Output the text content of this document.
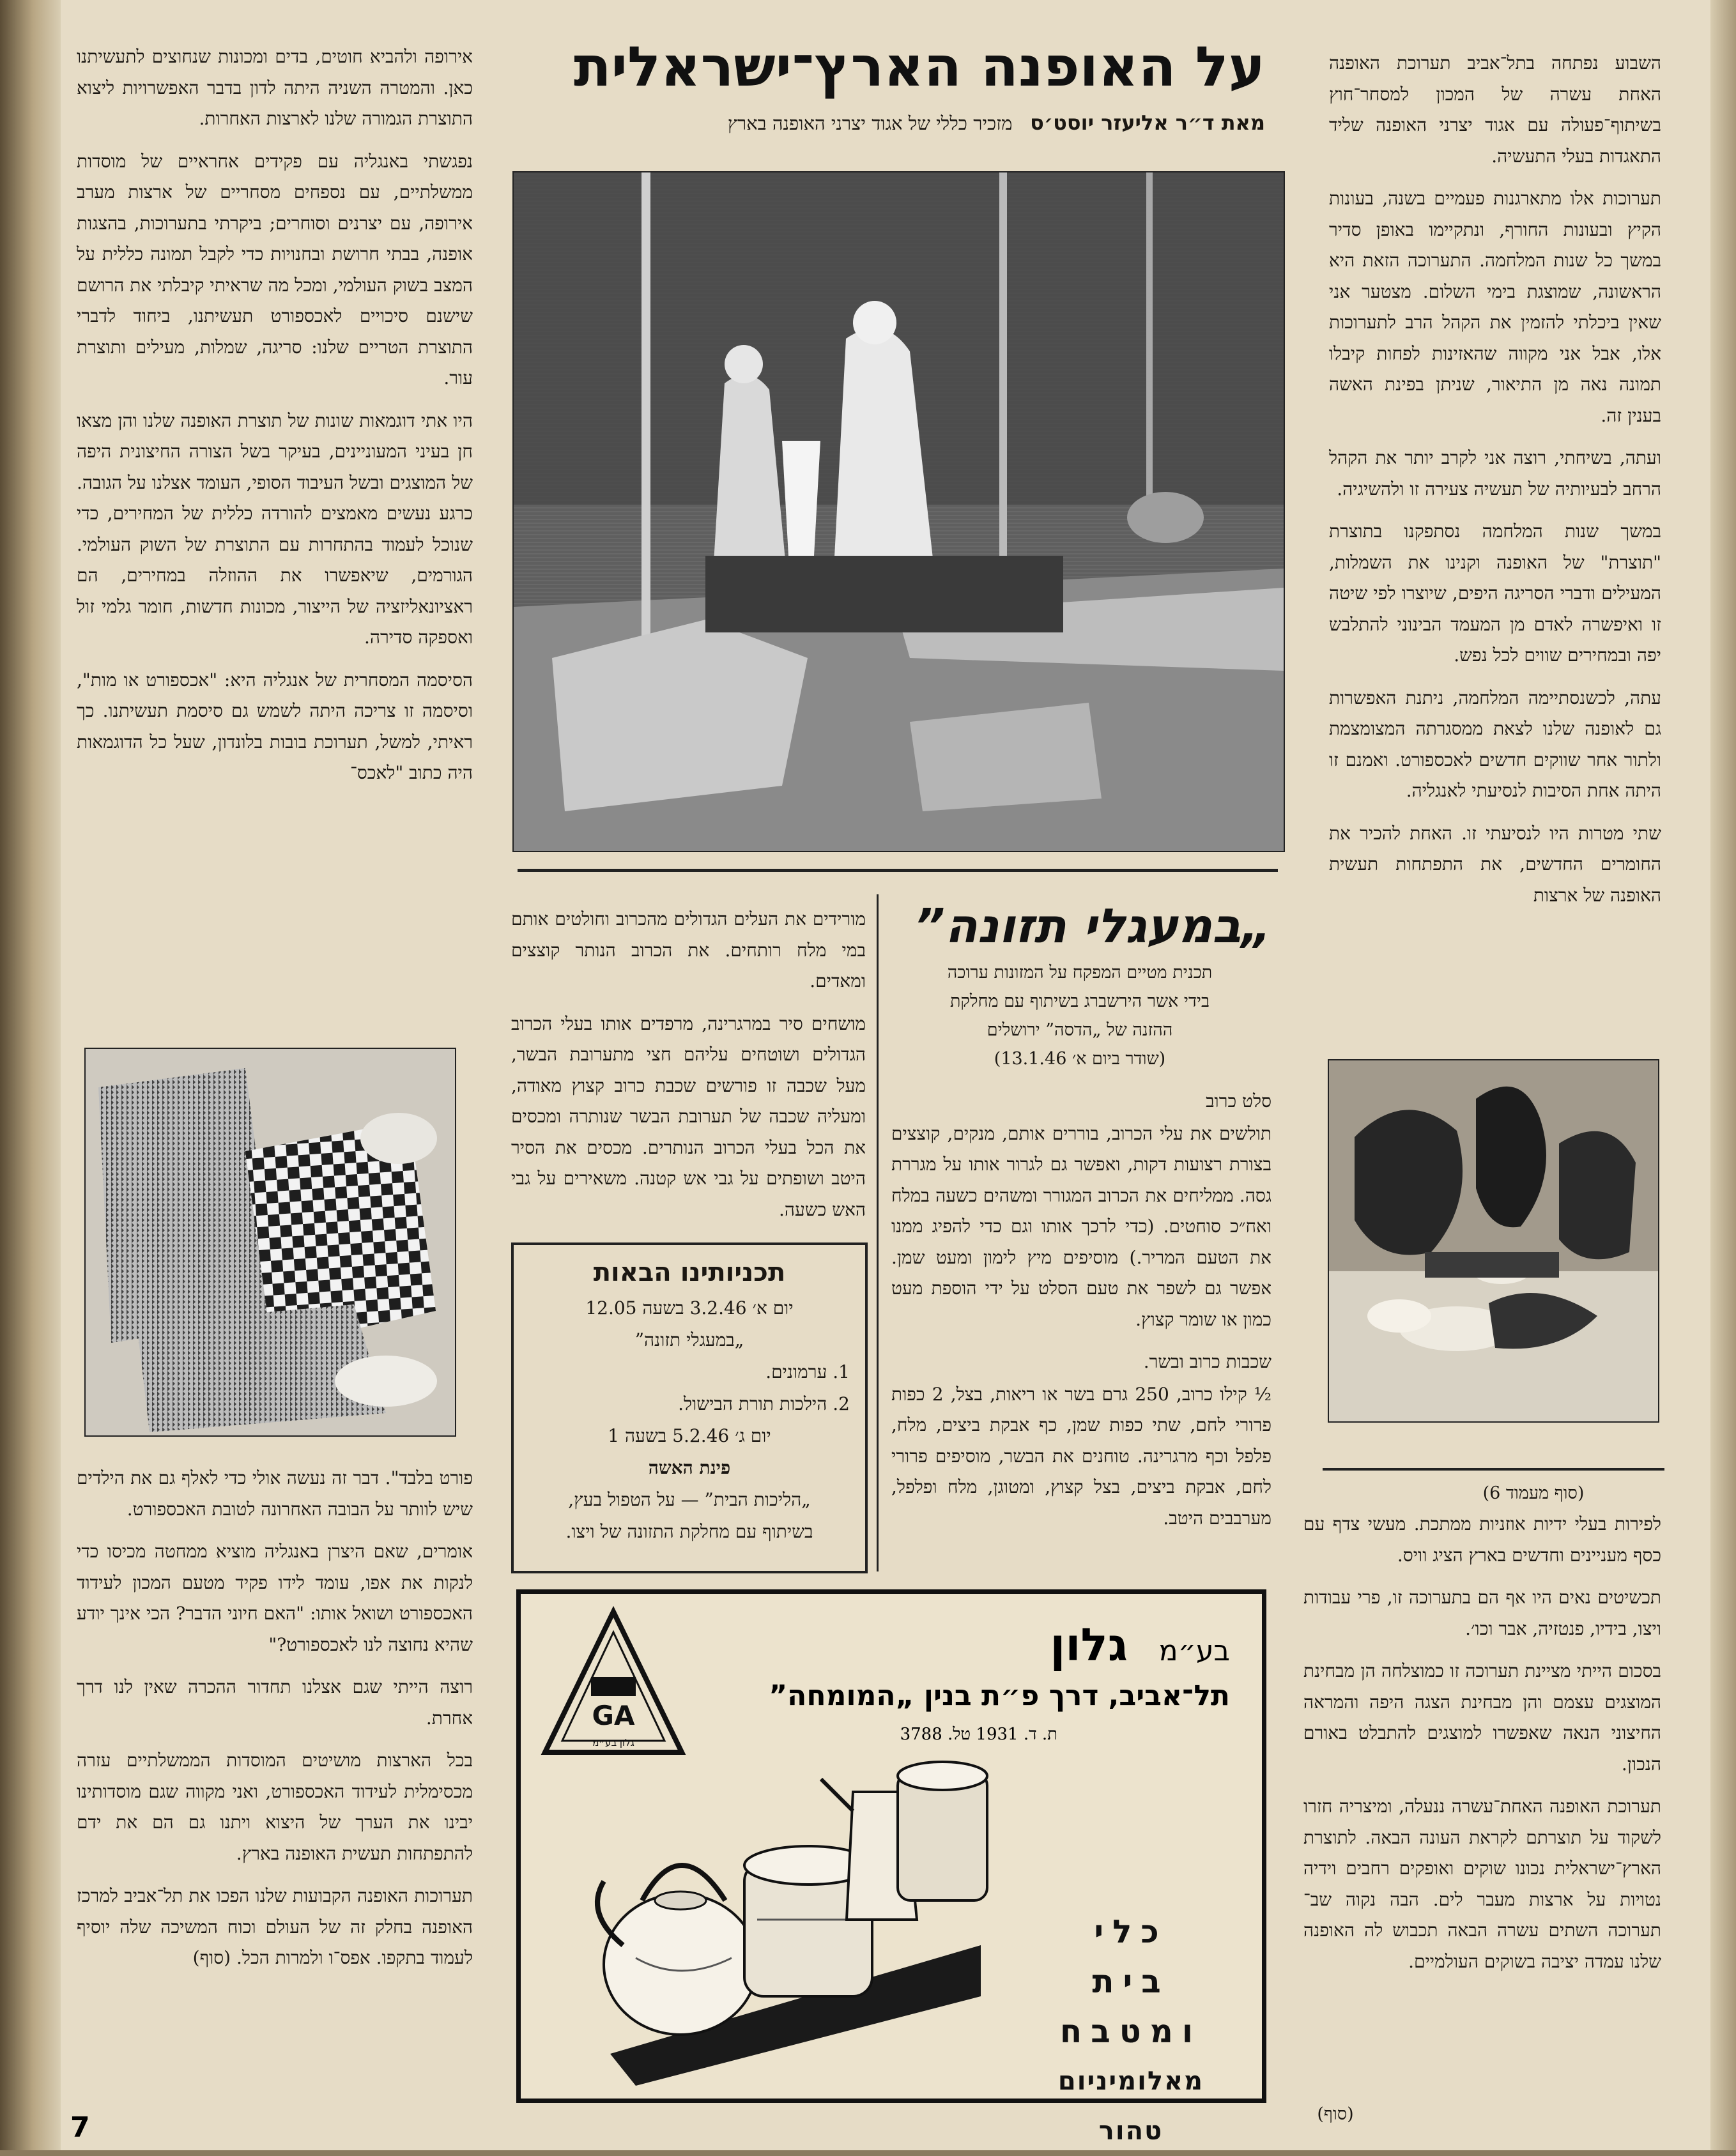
על האופנה הארץ־ישראלית
מאת ד״ר אליעזר יוסט׳ס   מזכיר כללי של אגוד יצרני האופנה בארץ

השבוע נפתחה בתל־אביב תערוכת האופנה האחת עשרה של המכון למסחר־חוץ בשיתוף־פעולה עם אגוד יצרני האופנה שליד התאגדות בעלי התעשיה.

תערוכות אלו מתארגנות פעמיים בשנה, בעונות הקיץ ובעונות החורף, ונתקיימו באופן סדיר במשך כל שנות המלחמה. התערוכה הזאת היא הראשונה, שמוצגת בימי השלום. מצטער אני שאין ביכלתי להזמין את הקהל הרב לתערוכות אלו, אבל אני מקווה שהאזינות לפחות קיבלו תמונה נאה מן התיאור, שניתן בפינת האשה בענין זה.

ועתה, בשיחתי, רוצה אני לקרב יותר את הקהל הרחב לבעיותיה של תעשיה צעירה זו ולהשיגיה.

במשך שנות המלחמה נסתפקנו בתוצרת "תוצרת" של האופנה וקנינו את השמלות, המעילים ודברי הסריגה היפים, שיוצרו לפי שיטה זו ואיפשרה לאדם מן המעמד הבינוני להתלבש יפה ובמחירים שווים לכל נפש.

עתה, לכשנסתיימה המלחמה, ניתנת האפשרות גם לאופנה שלנו לצאת ממסגרתה המצומצמת ולתור אחר שווקים חדשים לאכספורט. ואמנם זו היתה אחת הסיבות לנסיעתי לאנגליה.

שתי מטרות היו לנסיעתי זו. האחת להכיר את החומרים החדשים, את התפתחות תעשית האופנה של ארצות

(סוף מעמוד 6)

לפירות בעלי ידיות אוזניות ממתכת. מעשי צדף עם כסף מעניינים וחדשים בארץ הציג וויס.

תכשיטים נאים היו אף הם בתערוכה זו, פרי עבודות ויצו, בידיו, פנטזיה, אבר וכו׳.

בסכום הייתי מציינת תערוכה זו כמוצלחה הן מבחינת המוצגים עצמם והן מבחינת הצגה היפה והמראה החיצוני הנאה שאפשרו למוצגים להתבלט באורם הנכון.

תערוכת האופנה האחת־עשרה ננעלה, ומיצריה חזרו לשקוד על תוצרתם לקראת העונה הבאה. לתוצרת הארץ־ישראלית נכונו שוקים ואופקים רחבים וידיה נטויות על ארצות מעבר לים. הבה נקוה שב־ תערוכה השתים עשרה הבאה תכבוש לה האופנה שלנו עמדה יציבה בשוקים העולמיים.

(סוף)

אירופה ולהביא חוטים, בדים ומכונות שנחוצים לתעשיתנו כאן. והמטרה השניה היתה לדון בדבר האפשרויות ליצוא התוצרת הגמורה שלנו לארצות האחרות.

נפגשתי באנגליה עם פקידים אחראיים של מוסדות ממשלתיים, עם נספחים מסחריים של ארצות מערב אירופה, עם יצרנים וסוחרים; ביקרתי בתערוכות, בהצגות אופנה, בבתי חרושת ובחנויות כדי לקבל תמונה כללית על המצב בשוק העולמי, ומכל מה שראיתי קיבלתי את הרושם שישנם סיכויים לאכספורט תעשיתנו, ביחוד לדברי התוצרת הטריים שלנו: סריגה, שמלות, מעילים ותוצרת עור.

היו אתי דוגמאות שונות של תוצרת האופנה שלנו והן מצאו חן בעיני המעוניינים, בעיקר בשל הצורה החיצונית היפה של המוצגים ובשל העיבוד הסופי, העומד אצלנו על הגובה. כרגע נעשים מאמצים להורדה כללית של המחירים, כדי שנוכל לעמוד בהתחרות עם התוצרת של השוק העולמי. הגורמים, שיאפשרו את ההוזלה במחירים, הם ראציונאליזציה של הייצור, מכונות חדשות, חומר גלמי זול ואספקה סדירה.

הסיסמה המסחרית של אנגליה היא: "אכספורט או מות", וסיסמה זו צריכה היתה לשמש גם סיסמת תעשיתנו. כך ראיתי, למשל, תערוכת בובות בלונדון, שעל כל הדוגמאות היה כתוב "לאכס־

פורט בלבד". דבר זה נעשה אולי כדי לאלף גם את הילדים שיש לוותר על הבובה האחרונה לטובת האכספורט.

אומרים, שאם היצרן באנגליה מוציא ממחטה מכיסו כדי לנקות את אפו, עומד לידו פקיד מטעם המכון לעידוד האכספורט ושואל אותו: "האם חיוני הדבר? הכי אינך יודע שהיא נחוצה לנו לאכספורט?"

רוצה הייתי שגם אצלנו תחדור ההכרה שאין לנו דרך אחרת.

בכל הארצות מושיטים המוסדות הממשלתיים עזרה מכסימלית לעידוד האכספורט, ואני מקווה שגם מוסדותינו יבינו את הערך של היצוא ויתנו גם הם את ידם להתפתחות תעשית האופנה בארץ.

תערוכות האופנה הקבועות שלנו הפכו את תל־אביב למרכז האופנה בחלק זה של העולם וכוח המשיכה שלה יוסיף לעמוד בתקפו. אפס־ו ולמרות הכל. (סוף)

„במעגלי תזונה”
תכנית מטיים המפקח על המזונות ערוכה
בידי אשר הירשברג בשיתוף עם מחלקת
ההזנה של „הדסה” ירושלים
(שודר ביום א׳ 13.1.46)

סלט כרוב

תולשים את עלי הכרוב, בוררים אותם, מנקים, קוצצים בצורת רצועות דקות, ואפשר גם לגרור אותו על מגררת גסה. ממליחים את הכרוב המגורר ומשהים כשעה במלח ואח״כ סוחטים. (כדי לרכך אותו וגם כדי להפיג ממנו את הטעם המריר.) מוסיפים מיץ לימון ומעט שמן. אפשר גם לשפר את טעם הסלט על ידי הוספת מעט כמון או שומר קצוץ.

שכבות כרוב ובשר.

½ קילו כרוב, 250 גרם בשר או ריאות, בצל, 2 כפות פרורי לחם, שתי כפות שמן, כף אבקת ביצים, מלח, פלפל וכף מרגרינה. טוחנים את הבשר, מוסיפים פרורי לחם, אבקת ביצים, בצל קצוץ, ומטוגן, מלח ופלפל, מערבבים היטב.

מורידים את העלים הגדולים מהכרוב וחולטים אותם במי מלח רותחים. את הכרוב הנותר קוצצים ומאדים.

מושחים סיר במרגרינה, מרפדים אותו בעלי הכרוב הגדולים ושוטחים עליהם חצי מתערובת הבשר, מעל שכבה זו פורשים שכבת כרוב קצוץ מאודה, ומעליה שכבה של תערובת הבשר שנותרה ומכסים את הכל בעלי הכרוב הנותרים. מכסים את הסיר היטב ושופתים על גבי אש קטנה. משאירים על גבי האש כשעה.

תכניותינו הבאות
יום א׳ 3.2.46 בשעה 12.05
„במעגלי תזונה”
1. ערמונים.
2. הילכות תורת הבישול.
יום ג׳ 5.2.46 בשעה 1
פינת האשה
„הליכות הבית” — על הטפול בעץ,
בשיתוף עם מחלקת התזונה של ויצו.
בע״מ  גלון
תל־אביב, דרך פ״ת בנין „המומחה”
ת. ד. 1931 טל. 3788
GA
גלון בע״מ
כלי
בית
ומטבח
מאלומיניום טהור
7
